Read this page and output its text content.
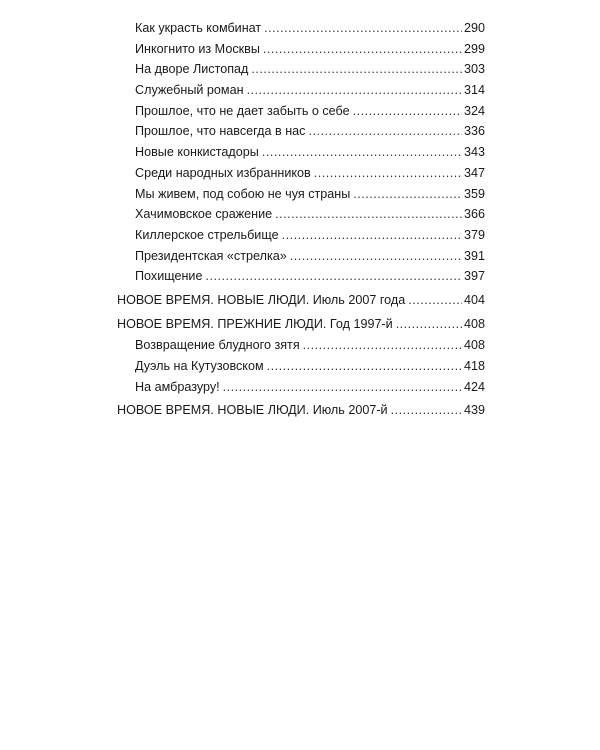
Как украсть комбинат .....	290
Инкогнито из Москвы .....	299
На дворе Листопад .....	303
Служебный роман .....	314
Прошлое, что не дает забыть о себе .....	324
Прошлое, что навсегда в нас .....	336
Новые конкистадоры .....	343
Среди народных избранников .....	347
Мы живем, под собою не чуя страны .....	359
Хачимовское сражение .....	366
Киллерское стрельбище .....	379
Президентская «стрелка» .....	391
Похищение .....	397
НОВОЕ ВРЕМЯ. НОВЫЕ ЛЮДИ. Июль 2007 года .....	404
НОВОЕ ВРЕМЯ. ПРЕЖНИЕ ЛЮДИ. Год 1997-й .....	408
Возвращение блудного зятя .....	408
Дуэль на Кутузовском .....	418
На амбразуру! .....	424
НОВОЕ ВРЕМЯ. НОВЫЕ ЛЮДИ. Июль 2007-й .....	439
